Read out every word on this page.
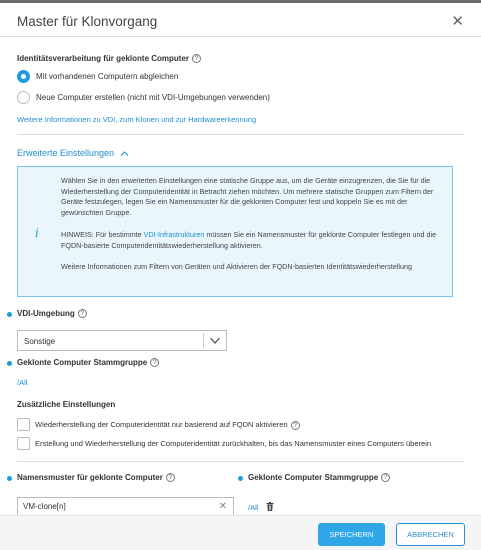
Master für Klonvorgang	✕
Identitätsverarbeitung für geklonte Computer ?
Mit vorhandenen Computern abgleichen
Neue Computer erstellen (nicht mit VDI-Umgebungen verwenden)
Weitere Informationen zu VDI, zum Klonen und zur Hardwareerkennung
Erweiterte Einstellungen
i
Wählen Sie in den erweiterten Einstellungen eine statische Gruppe aus, um die Geräte einzugrenzen, die Sie für die Wiederherstellung der Computeridentität in Betracht ziehen möchten. Um mehrere statische Gruppen zum Filtern der Geräte festzulegen, legen Sie ein Namensmuster für die geklonten Computer fest und koppeln Sie es mit der gewünschten Gruppe.
HINWEIS: Für bestimmte VDI-Infrastrukturen müssen Sie ein Namensmuster für geklonte Computer festlegen und die FQDN-basierte Computeridentitätswiederherstellung aktivieren.
Weitere Informationen zum Filtern von Geräten und Aktivieren der FQDN-basierten Identitätswiederherstellung
VDI-Umgebung ?
Sonstige
Geklonte Computer Stammgruppe ?
/All
Zusätzliche Einstellungen
Wiederherstellung der Computeridentität nur basierend auf FQDN aktivieren ?
Erstellung und Wiederherstellung der Computeridentität zurückhalten, bis das Namensmuster eines Computers überein
Namensmuster für geklonte Computer ?	Geklonte Computer Stammgruppe ?
VM-clone[n]
✕	/All
SPEICHERN	ABBRECHEN
